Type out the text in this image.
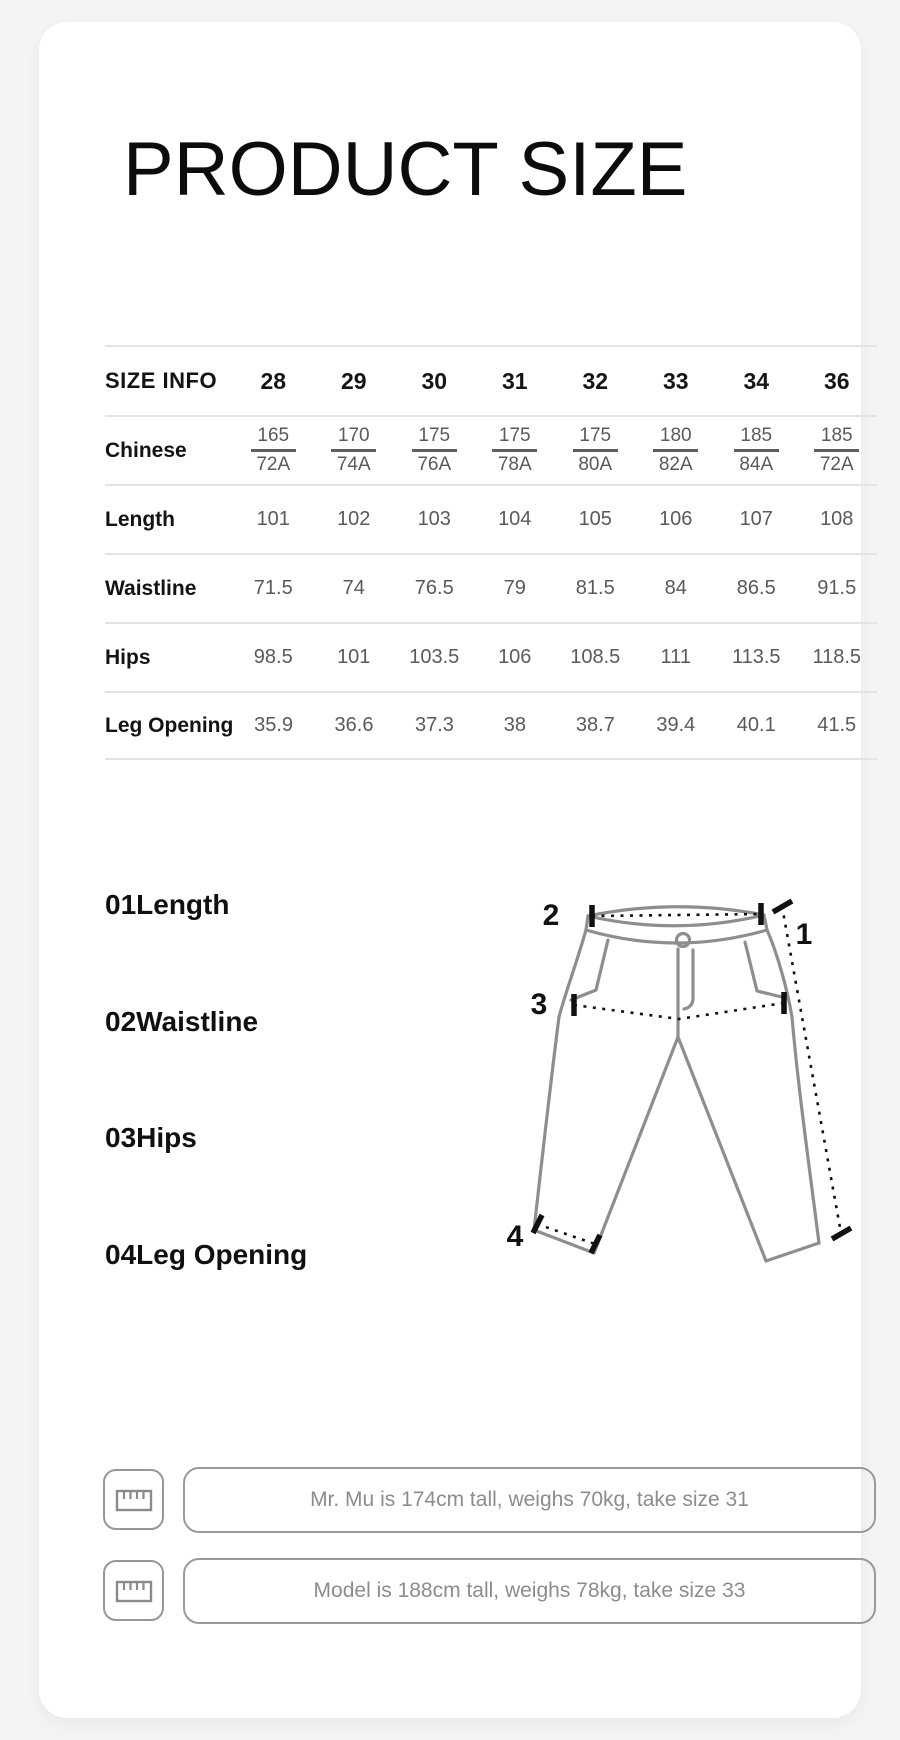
PRODUCT SIZE
SIZE INFO	28	29	30	31	32	33	34	36
Chinese	$\frac{165}{72A} \frac{170}{74A} \frac{175}{76A} \frac{175}{78A} \frac{175}{80A} \frac{180}{82A} \frac{185}{84A} \frac{185}{72A}$
Length	101	102	103	104	105	106	107	108
Waistline	71.5	74	76.5	79	81.5	84	86.5	91.5
Hips	98.5	101	103.5	106	108.5	111	113.5	118.5
Leg Opening	35.9	36.6	37.3	38	38.7	39.4	40.1	41.5

01Length

02Waistline

03Hips

04Leg Opening

1
2
3
4
Mr. Mu is 174cm tall, weighs 70kg, take size 31
Model is 188cm tall, weighs 78kg, take size 33
